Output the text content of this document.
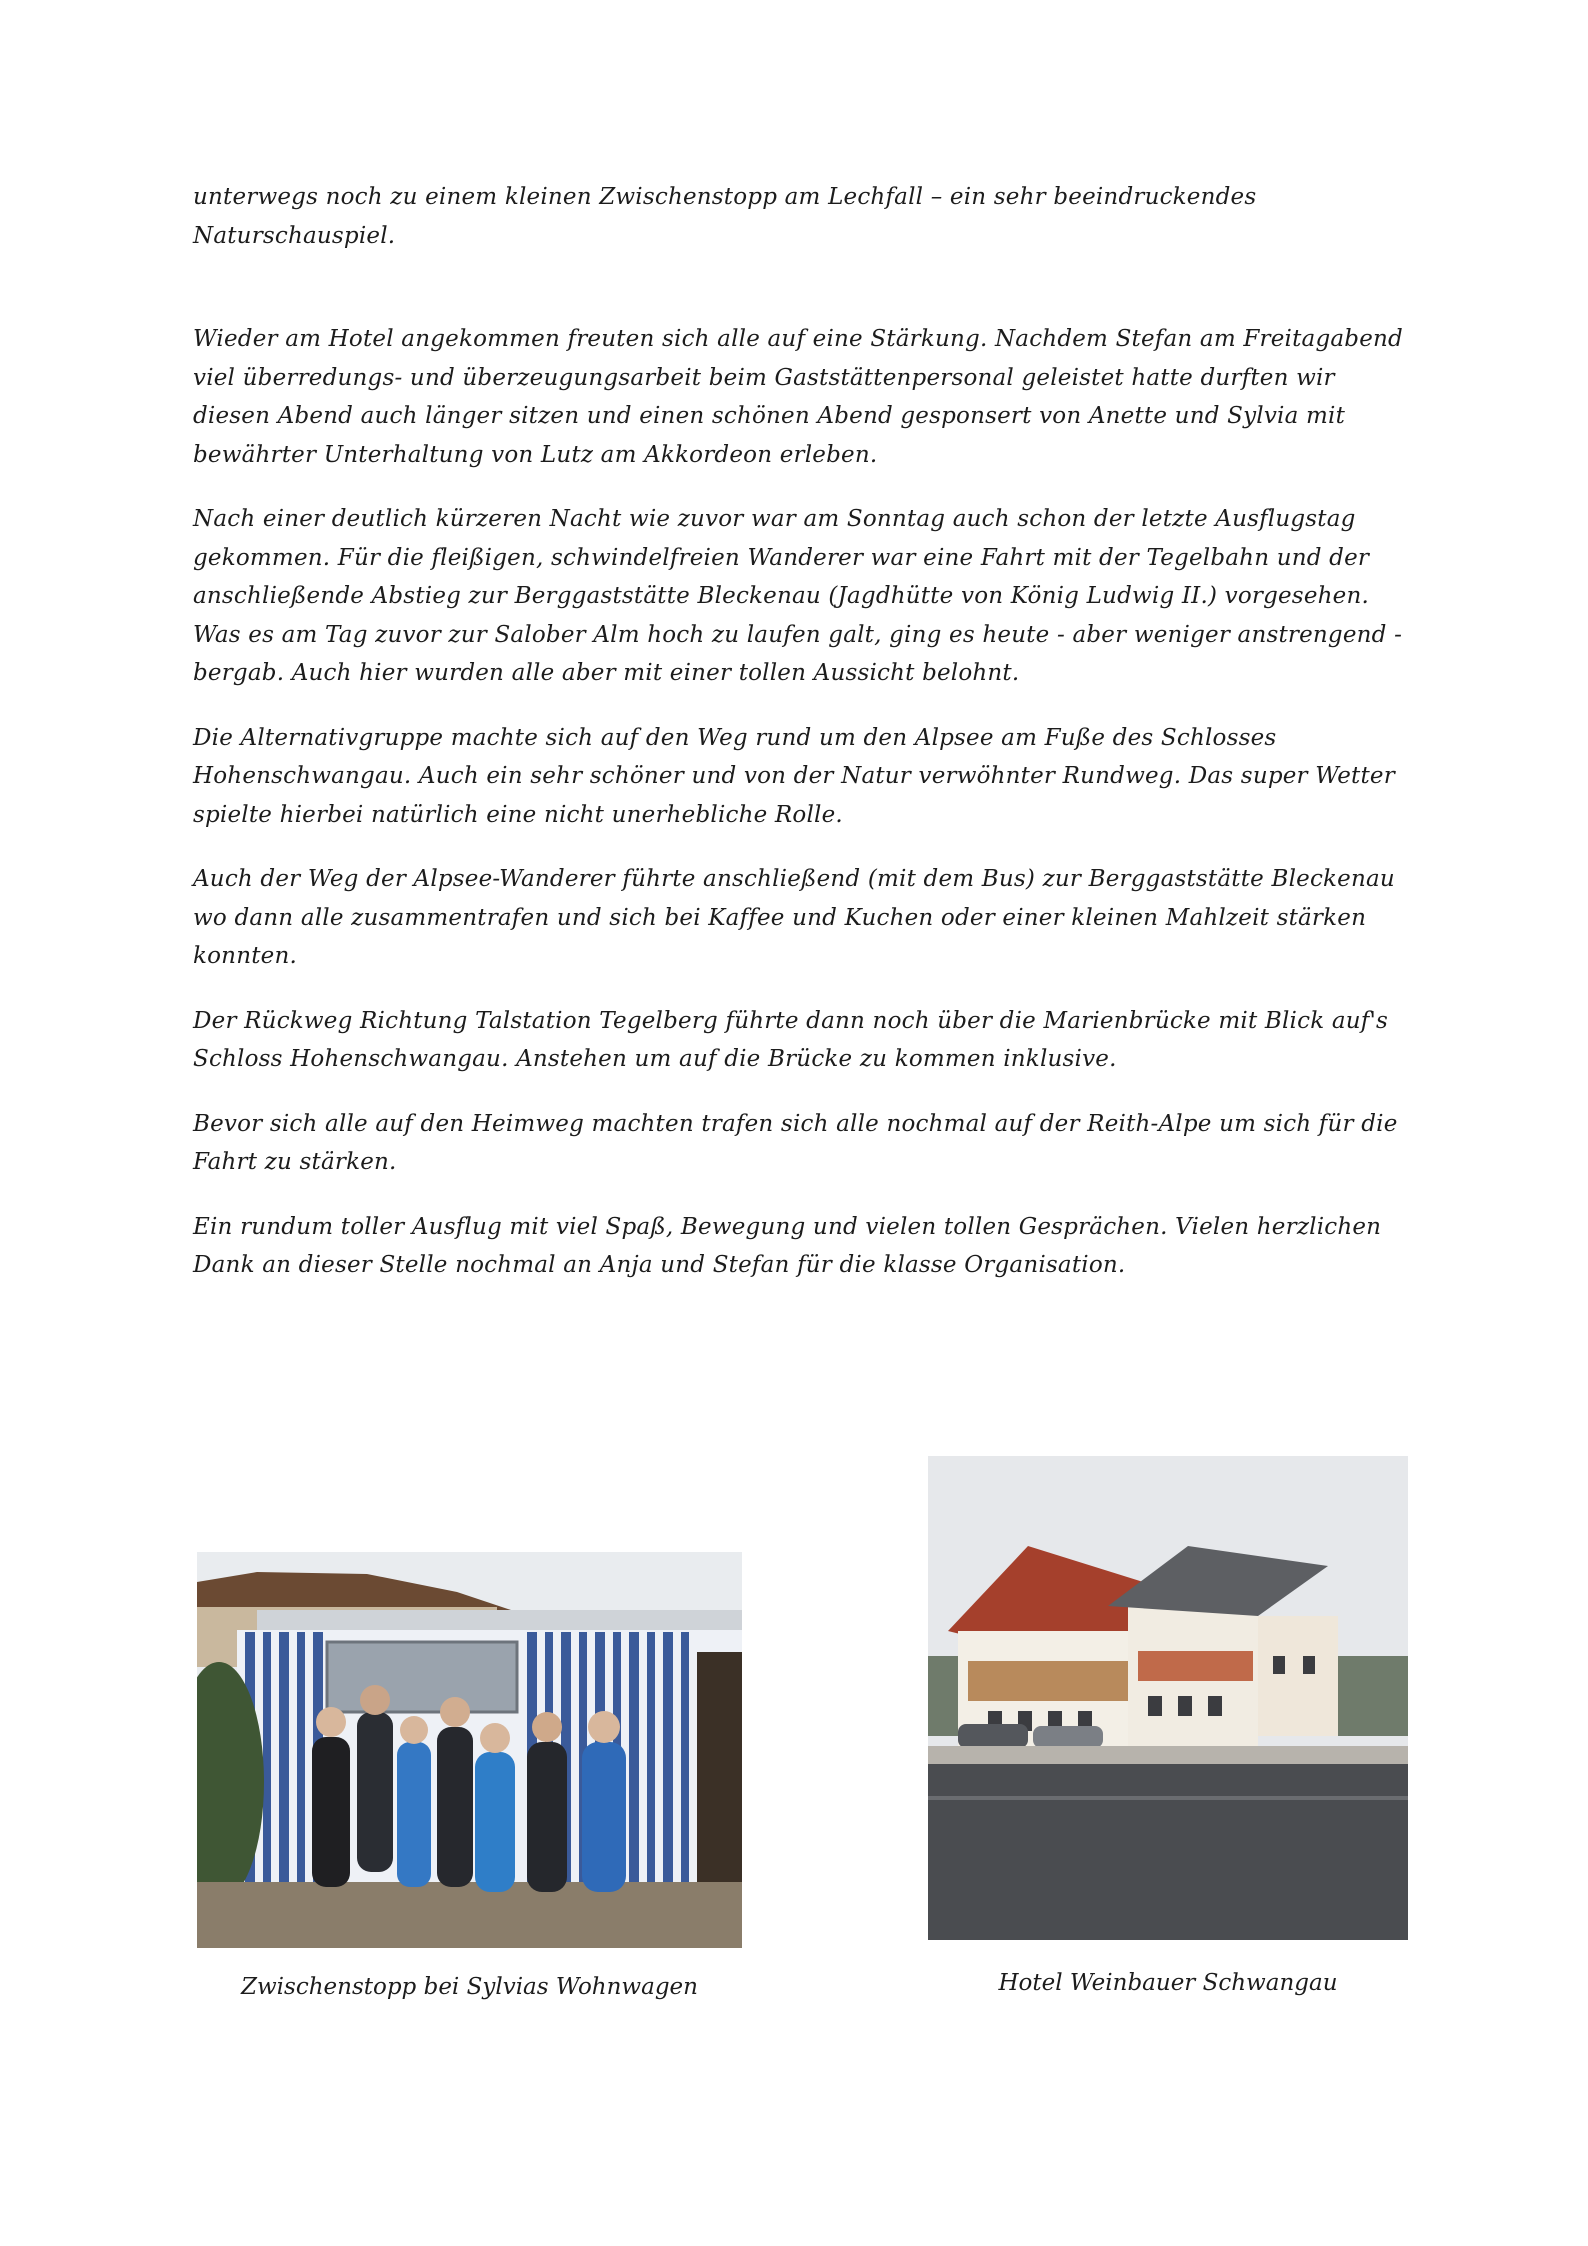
unterwegs noch zu einem kleinen Zwischenstopp am Lechfall – ein sehr beeindruckendes Naturschauspiel.

Wieder am Hotel angekommen freuten sich alle auf eine Stärkung. Nachdem Stefan am Freitagabend viel überredungs- und überzeugungsarbeit beim Gaststättenpersonal geleistet hatte durften wir diesen Abend auch länger sitzen und einen schönen Abend gesponsert von Anette und Sylvia mit bewährter Unterhaltung von Lutz am Akkordeon erleben.

Nach einer deutlich kürzeren Nacht wie zuvor war am Sonntag auch schon der letzte Ausflugstag gekommen. Für die fleißigen, schwindelfreien Wanderer war eine Fahrt mit der Tegelbahn und der anschließende Abstieg zur Berggaststätte Bleckenau (Jagdhütte von König Ludwig II.) vorgesehen. Was es am Tag zuvor zur Salober Alm hoch zu laufen galt, ging es heute - aber weniger anstrengend - bergab. Auch hier wurden alle aber mit einer tollen Aussicht belohnt.

Die Alternativgruppe machte sich auf den Weg rund um den Alpsee am Fuße des Schlosses Hohenschwangau. Auch ein sehr schöner und von der Natur verwöhnter Rundweg. Das super Wetter spielte hierbei natürlich eine nicht unerhebliche Rolle.

Auch der Weg der Alpsee-Wanderer führte anschließend (mit dem Bus) zur Berggaststätte Bleckenau wo dann alle zusammentrafen und sich bei Kaffee und Kuchen oder einer kleinen Mahlzeit stärken konnten.

Der Rückweg Richtung Talstation Tegelberg führte dann noch über die Marienbrücke mit Blick auf's Schloss Hohenschwangau. Anstehen um auf die Brücke zu kommen inklusive.

Bevor sich alle auf den Heimweg machten trafen sich alle nochmal auf der Reith-Alpe um sich für die Fahrt zu stärken.

Ein rundum toller Ausflug mit viel Spaß, Bewegung und vielen tollen Gesprächen. Vielen herzlichen Dank an dieser Stelle nochmal an Anja und Stefan für die klasse Organisation.

Zwischenstopp bei Sylvias Wohnwagen	Hotel Weinbauer Schwangau
